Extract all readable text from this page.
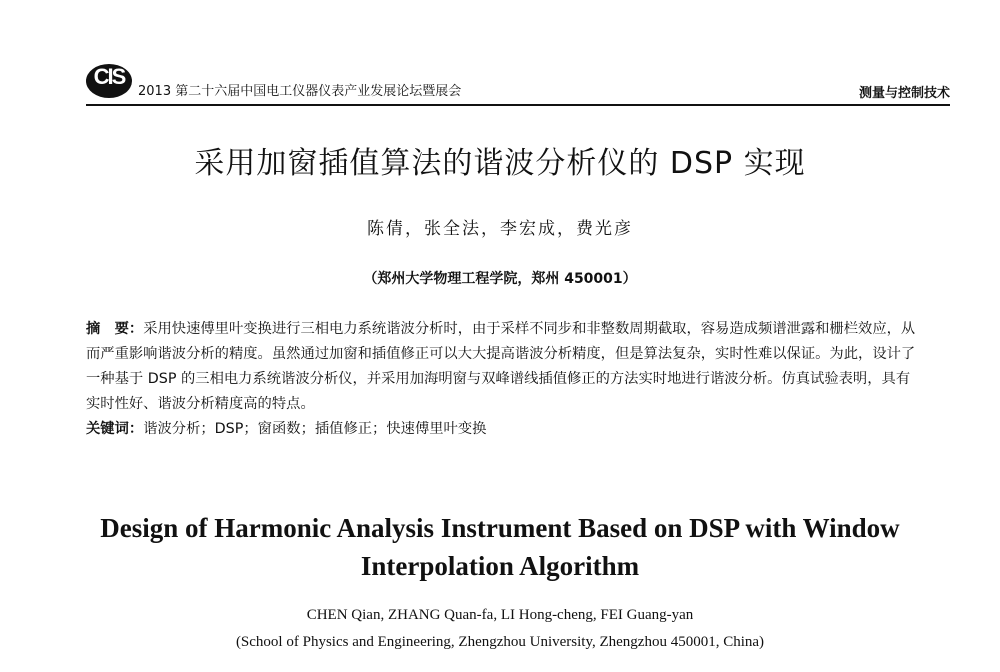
CIS
2013 第二十六届中国电工仪器仪表产业发展论坛暨展会	测量与控制技术
采用加窗插值算法的谐波分析仪的 DSP 实现
陈倩，张全法，李宏成，费光彦
（郑州大学物理工程学院，郑州 450001）

摘　要：采用快速傅里叶变换进行三相电力系统谐波分析时，由于采样不同步和非整数周期截取，容易造成频谱泄露和栅栏效应，从而严重影响谐波分析的精度。虽然通过加窗和插值修正可以大大提高谐波分析精度，但是算法复杂，实时性难以保证。为此，设计了一种基于 DSP 的三相电力系统谐波分析仪，并采用加海明窗与双峰谱线插值修正的方法实时地进行谐波分析。仿真试验表明，具有实时性好、谐波分析精度高的特点。

关键词：谐波分析；DSP；窗函数；插值修正；快速傅里叶变换

Design of Harmonic Analysis Instrument Based on DSP with Window
Interpolation Algorithm
CHEN Qian, ZHANG Quan-fa, LI Hong-cheng, FEI Guang-yan
(School of Physics and Engineering, Zhengzhou University, Zhengzhou 450001, China)
